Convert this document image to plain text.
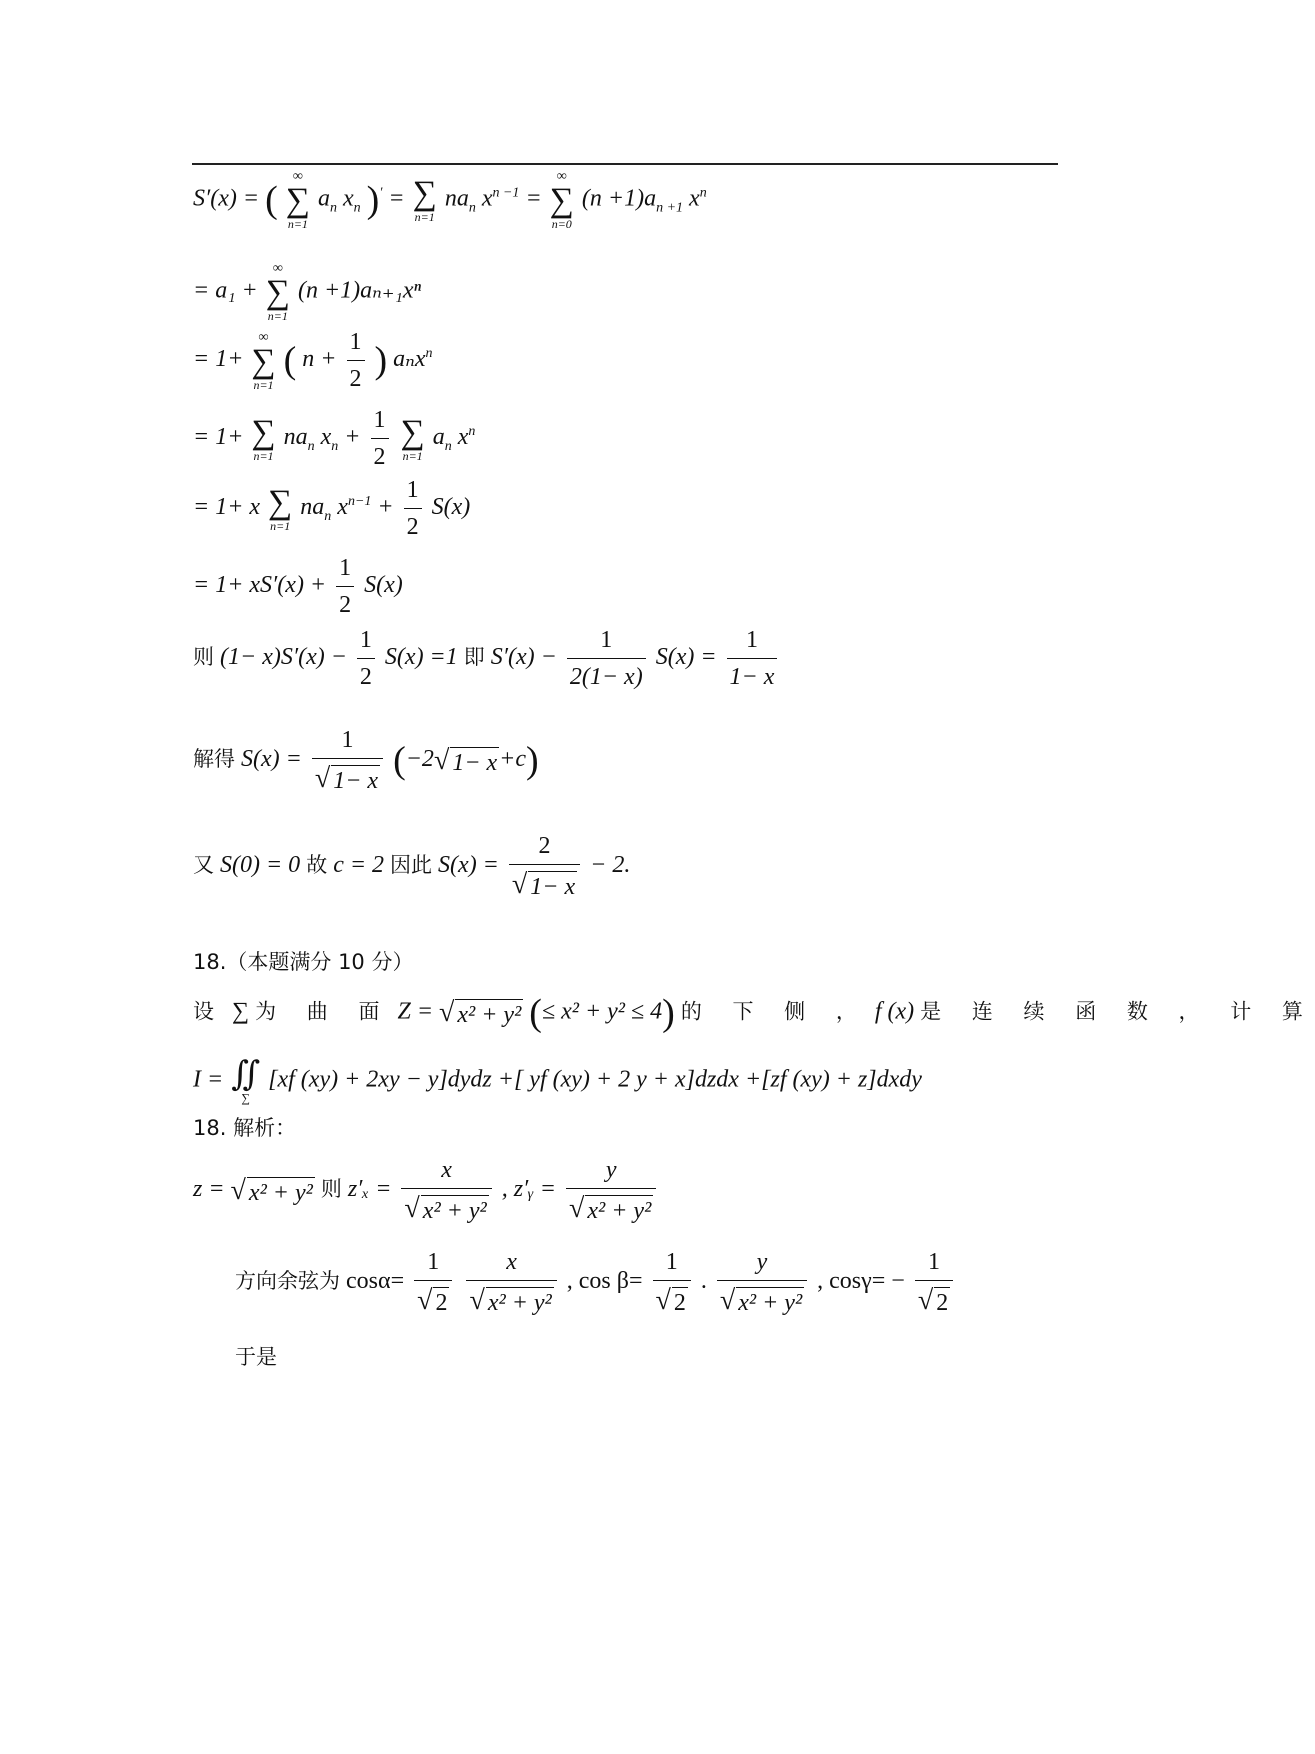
S′(x) = (
∞
∑
n=1
$a_n$ $x_n$ )′ = ∑
n=1
$na_n$ $x^{n -1}$ =
∞
∑
n=0
$(n +1)a_{n +1}$ $x^n$
= a₁ +
∞
∑
n=1
(n +1)aₙ₊₁xⁿ
= 1+
∞
∑
n=1
( $n + \frac{1}{2}$ ) aₙx$^n$
= 1+ ∑
n=1
$na_n$ $x_n + \frac{1}{2}$
∑
n=1
$a_n$ $x^n$
= 1+ x ∑
n=1
$na_n$ $x^{n-1} + \frac{1}{2} S(x)$
= $1+ xS'(x) + \frac{1}{2} S(x)$
则 $(1- x)S'(x) - \frac{1}{2} S(x) =1$ 即 $S'(x) - \frac{1}{2(1- x)} S(x) = \frac{1}{1- x}$
解得 $S(x) = \frac{1}{√ 1- x} (-2$ √ 1− x +c)
又 S(0) = 0 故 c = 2 因此 $S(x) = \frac{2}{√ 1- x} - 2$.
18.（本题满分 10 分）
设 ∑ 为 曲 面 Z = √ x² + y² (≤ x² + y² ≤ 4) 的 下 侧 ， f (x) 是 连 续 函 数 ， 计 算
I = ∬
∑
[xf (xy) + 2xy − y]dydz +[ yf (xy) + 2 y + x]dzdx +[zf (xy) + z]dxdy
18. 解析：
z = √ x² + y² 则 $z'_x = \frac{x}{\text{√ x² + y²}}$ , z′ᵧ = $\frac{y}{\text{√ x² + y²}}$
方向余弦为 $\cos\alpha= \frac{1}{√ 2}$
$\frac{x}{\text{√ x² + y²}}$ , $\cos \beta= \frac{1}{√ 2}$ . $\frac{y}{\text{√ x² + y²}}$ , $\cos\gamma= - \frac{1}{√ 2}$
于是
